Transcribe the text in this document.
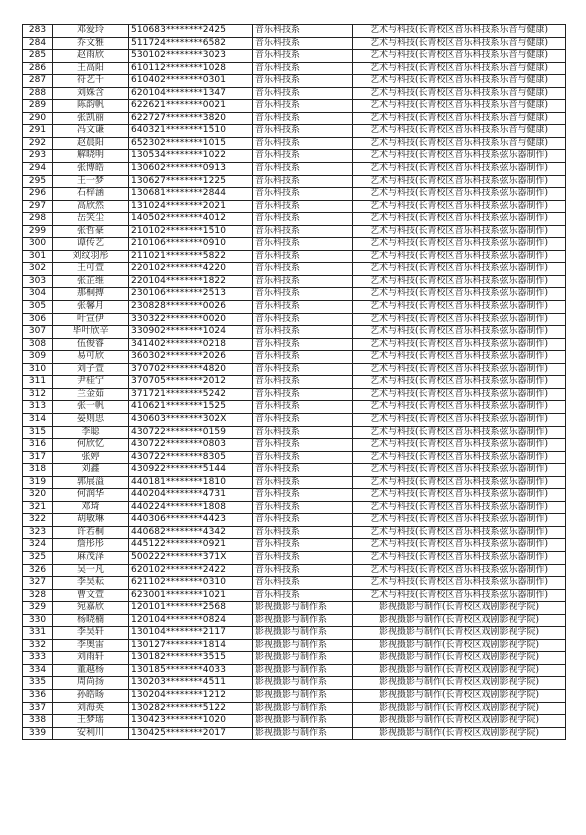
283	邓爱玲	510683********2425	音乐科技系	艺术与科技(长青校区音乐科技系乐音与健康)
284	乔文雅	511724********6582	音乐科技系	艺术与科技(长青校区音乐科技系乐音与健康)
285	赵雨欣	530102********3023	音乐科技系	艺术与科技(长青校区音乐科技系乐音与健康)
286	王高阳	610112********1028	音乐科技系	艺术与科技(长青校区音乐科技系乐音与健康)
287	符艺千	610402********0301	音乐科技系	艺术与科技(长青校区音乐科技系乐音与健康)
288	刘姝含	620104********1347	音乐科技系	艺术与科技(长青校区音乐科技系乐音与健康)
289	陈韵帆	622621********0021	音乐科技系	艺术与科技(长青校区音乐科技系乐音与健康)
290	张凯丽	622727********3820	音乐科技系	艺术与科技(长青校区音乐科技系乐音与健康)
291	冯文谦	640321********1510	音乐科技系	艺术与科技(长青校区音乐科技系乐音与健康)
292	赵晨阳	652302********1015	音乐科技系	艺术与科技(长青校区音乐科技系乐音与健康)
293	解晓明	130534********1022	音乐科技系	艺术与科技(长青校区音乐科技系弦乐器制作)
294	张博皓	130602********0913	音乐科技系	艺术与科技(长青校区音乐科技系弦乐器制作)
295	王一梦	130627********1225	音乐科技系	艺术与科技(长青校区音乐科技系弦乐器制作)
296	石梓涵	130681********2844	音乐科技系	艺术与科技(长青校区音乐科技系弦乐器制作)
297	高欣然	131024********2021	音乐科技系	艺术与科技(长青校区音乐科技系弦乐器制作)
298	岳笑尘	140502********4012	音乐科技系	艺术与科技(长青校区音乐科技系弦乐器制作)
299	张哲豪	210102********1510	音乐科技系	艺术与科技(长青校区音乐科技系弦乐器制作)
300	谭传艺	210106********0910	音乐科技系	艺术与科技(长青校区音乐科技系弦乐器制作)
301	刘纹羽彤	211021********5822	音乐科技系	艺术与科技(长青校区音乐科技系弦乐器制作)
302	王可萱	220102********4220	音乐科技系	艺术与科技(长青校区音乐科技系弦乐器制作)
303	张芷维	220104********1822	音乐科技系	艺术与科技(长青校区音乐科技系弦乐器制作)
304	那桐搏	230106********2513	音乐科技系	艺术与科技(长青校区音乐科技系弦乐器制作)
305	张馨月	230828********0026	音乐科技系	艺术与科技(长青校区音乐科技系弦乐器制作)
306	叶宣伊	330322********0020	音乐科技系	艺术与科技(长青校区音乐科技系弦乐器制作)
307	毕叶欣辛	330902********1024	音乐科技系	艺术与科技(长青校区音乐科技系弦乐器制作)
308	伍俊睿	341402********0218	音乐科技系	艺术与科技(长青校区音乐科技系弦乐器制作)
309	易可欣	360302********2026	音乐科技系	艺术与科技(长青校区音乐科技系弦乐器制作)
310	刘子萱	370702********4820	音乐科技系	艺术与科技(长青校区音乐科技系弦乐器制作)
311	尹桂宁	370705********2012	音乐科技系	艺术与科技(长青校区音乐科技系弦乐器制作)
312	兰金茹	371721********5242	音乐科技系	艺术与科技(长青校区音乐科技系弦乐器制作)
313	张一帆	410621********1525	音乐科技系	艺术与科技(长青校区音乐科技系弦乐器制作)
314	晏则思	430603********302X	音乐科技系	艺术与科技(长青校区音乐科技系弦乐器制作)
315	李聪	430722********0159	音乐科技系	艺术与科技(长青校区音乐科技系弦乐器制作)
316	何欣忆	430722********0803	音乐科技系	艺术与科技(长青校区音乐科技系弦乐器制作)
317	张婷	430722********8305	音乐科技系	艺术与科技(长青校区音乐科技系弦乐器制作)
318	刘鑫	430922********5144	音乐科技系	艺术与科技(长青校区音乐科技系弦乐器制作)
319	郭展溢	440181********1810	音乐科技系	艺术与科技(长青校区音乐科技系弦乐器制作)
320	何润华	440204********4731	音乐科技系	艺术与科技(长青校区音乐科技系弦乐器制作)
321	邓琦	440224********1808	音乐科技系	艺术与科技(长青校区音乐科技系弦乐器制作)
322	胡敏琳	440306********4423	音乐科技系	艺术与科技(长青校区音乐科技系弦乐器制作)
323	许若桐	440682********4342	音乐科技系	艺术与科技(长青校区音乐科技系弦乐器制作)
324	詹彤彤	445122********0921	音乐科技系	艺术与科技(长青校区音乐科技系弦乐器制作)
325	麻茂泽	500222********371X	音乐科技系	艺术与科技(长青校区音乐科技系弦乐器制作)
326	吴一凡	620102********2422	音乐科技系	艺术与科技(长青校区音乐科技系弦乐器制作)
327	李昊耘	621102********0310	音乐科技系	艺术与科技(长青校区音乐科技系弦乐器制作)
328	曹文萱	623001********1021	音乐科技系	艺术与科技(长青校区音乐科技系弦乐器制作)
329	宛嘉欣	120101********2568	影视摄影与制作系	影视摄影与制作(长青校区戏剧影视学院)
330	杨晓楠	120104********0824	影视摄影与制作系	影视摄影与制作(长青校区戏剧影视学院)
331	李昊轩	130104********2117	影视摄影与制作系	影视摄影与制作(长青校区戏剧影视学院)
332	李奥雷	130127********1814	影视摄影与制作系	影视摄影与制作(长青校区戏剧影视学院)
333	刘雨轩	130182********3515	影视摄影与制作系	影视摄影与制作(长青校区戏剧影视学院)
334	董越杨	130185********4033	影视摄影与制作系	影视摄影与制作(长青校区戏剧影视学院)
335	周尚扬	130203********4511	影视摄影与制作系	影视摄影与制作(长青校区戏剧影视学院)
336	孙皓旸	130204********1212	影视摄影与制作系	影视摄影与制作(长青校区戏剧影视学院)
337	刘海英	130282********5122	影视摄影与制作系	影视摄影与制作(长青校区戏剧影视学院)
338	王梦瑶	130423********1020	影视摄影与制作系	影视摄影与制作(长青校区戏剧影视学院)
339	安利川	130425********2017	影视摄影与制作系	影视摄影与制作(长青校区戏剧影视学院)
